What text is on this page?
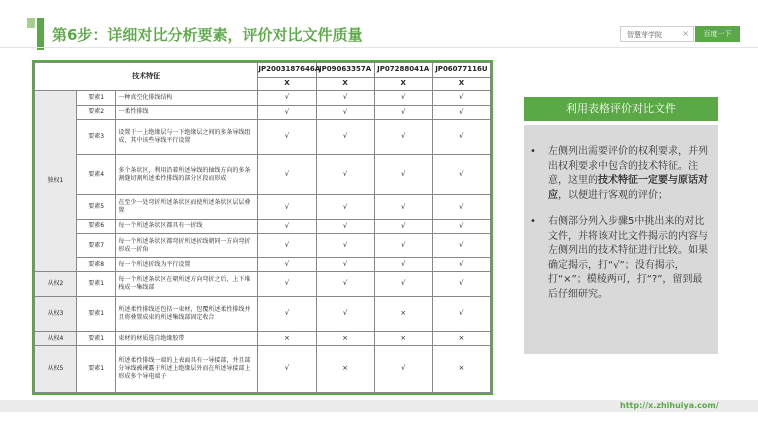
第6步：详细对比分析要素，评价对比文件质量	智慧芽学院	×	百度一下
技术特征			JP2003187646A	JP09063357A	JP07288041A	JP06077116U
			X	X	X	X
独权1	要素1	一种真空化排线结构	√	√	√	√
	要素2	一柔性排线	√	√	√	√
	要素3	设置于一上绝缘层与一下绝缘层之间的多条导线组成，其中该些导线平行设置	√	√	√	√
	要素4	多个条状区，利用沿着所述导线的轴线方向的多条割缝切割所述柔性排线的部分区段而形成	√	√	√	√
	要素5	在至少一处弯折所述条状区而使所述条状区层层叠置	√	√	√	√
	要素6	每一个所述条状区都具有一折线	√	√	√	√
	要素7	每一个所述条状区都弯折所述折线朝同一方向弯折形成一折角	√	√	√	√
	要素8	每一个所述折线为平行设置	√	√	√	√
从权2	要素1	每一个所述条状区在朝所述方向弯折之后，上下堆栈成一集线部	√	√	√	√
从权3	要素1	所述柔性排线还包括一束材，包覆所述柔性排线并且将叠置成束的所述集线部固定收合	√	√	×	√
从权4	要素1	束材的材质选自绝缘胶带	×	×	×	×
从权5	要素1	所述柔性排线一端的上表面具有一导接部，并且部分导线被裸露于所述上绝缘层外而在所述导接部上形成多个导电端子	√	×	√	×
利用表格评价对比文件
• 左侧列出需要评价的权利要求，并列出权利要求中包含的技术特征。注意，这里的技术特征一定要与原话对应，以便进行客观的评价；
• 右侧部分列入步骤5中挑出来的对比文件，并将该对比文件揭示的内容与左侧列出的技术特征进行比较。如果确定揭示，打“√”；没有揭示，打“×”；模棱两可，打“?”，留到最后仔细研究。
http://x.zhihuiya.com/
